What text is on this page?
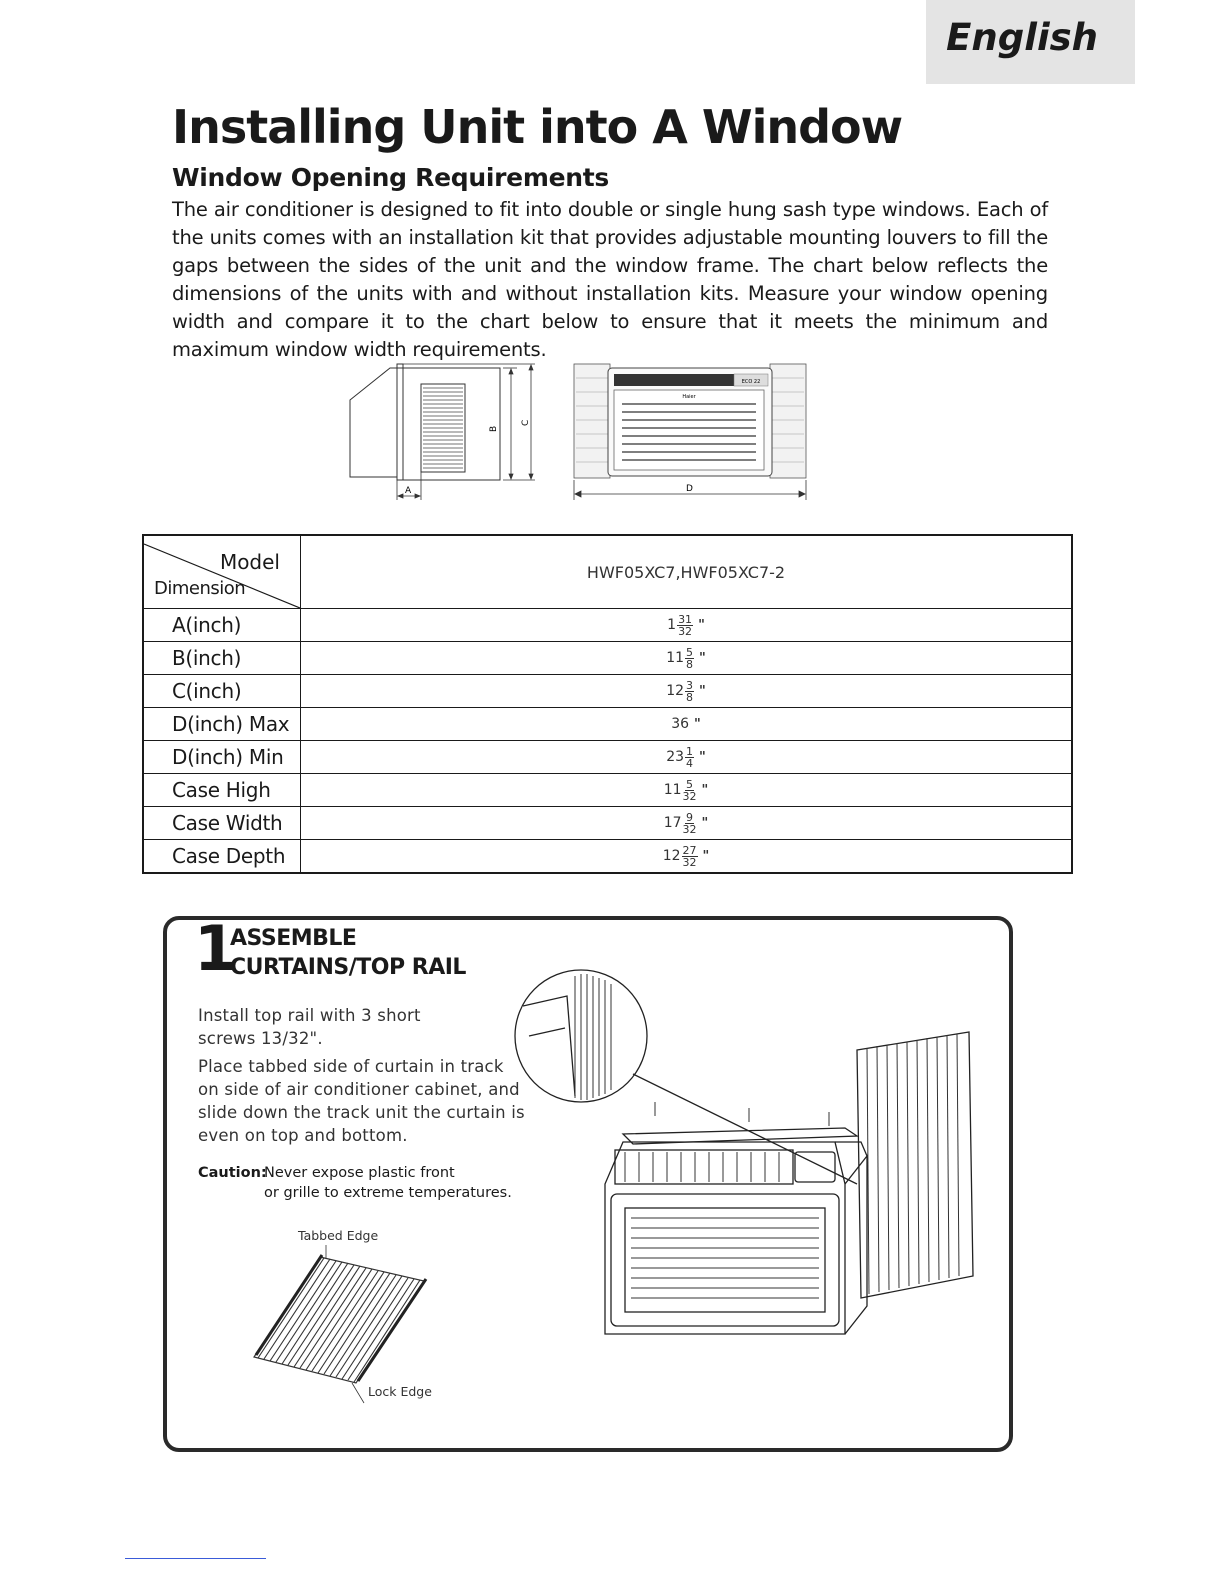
English
Installing Unit into A Window
Window Opening Requirements

The air conditioner is designed to fit into double or single hung sash type windows. Each of the units comes with an installation kit that provides adjustable mounting louvers to fill the gaps between the sides of the unit and the window frame. The chart below reflects the dimensions of the units with and without installation kits. Measure your window opening width and compare it to the chart below to ensure that it meets the minimum and maximum window width requirements.

B
C
A
ECO 22
Haier
D
Model
Dimension	HWF05XC7,HWF05XC7-2
A(inch)	1 31
32 "

B(inch)	11 5
8 "

C(inch)	12 3
8 "

D(inch) Max	36 "

D(inch) Min	23 1
4 "

Case High	11 5
32 "

Case Width	17 9
32 "

Case Depth	12 27
32 "
1
ASSEMBLE
CURTAINS/TOP RAIL

Install top rail with 3 short
screws 13/32".

Place tabbed side of curtain in track
on side of air conditioner cabinet, and
slide down the track unit the curtain is
even on top and bottom.

Caution:Never expose plastic front
or grille to extreme temperatures.
Tabbed Edge
Lock Edge
